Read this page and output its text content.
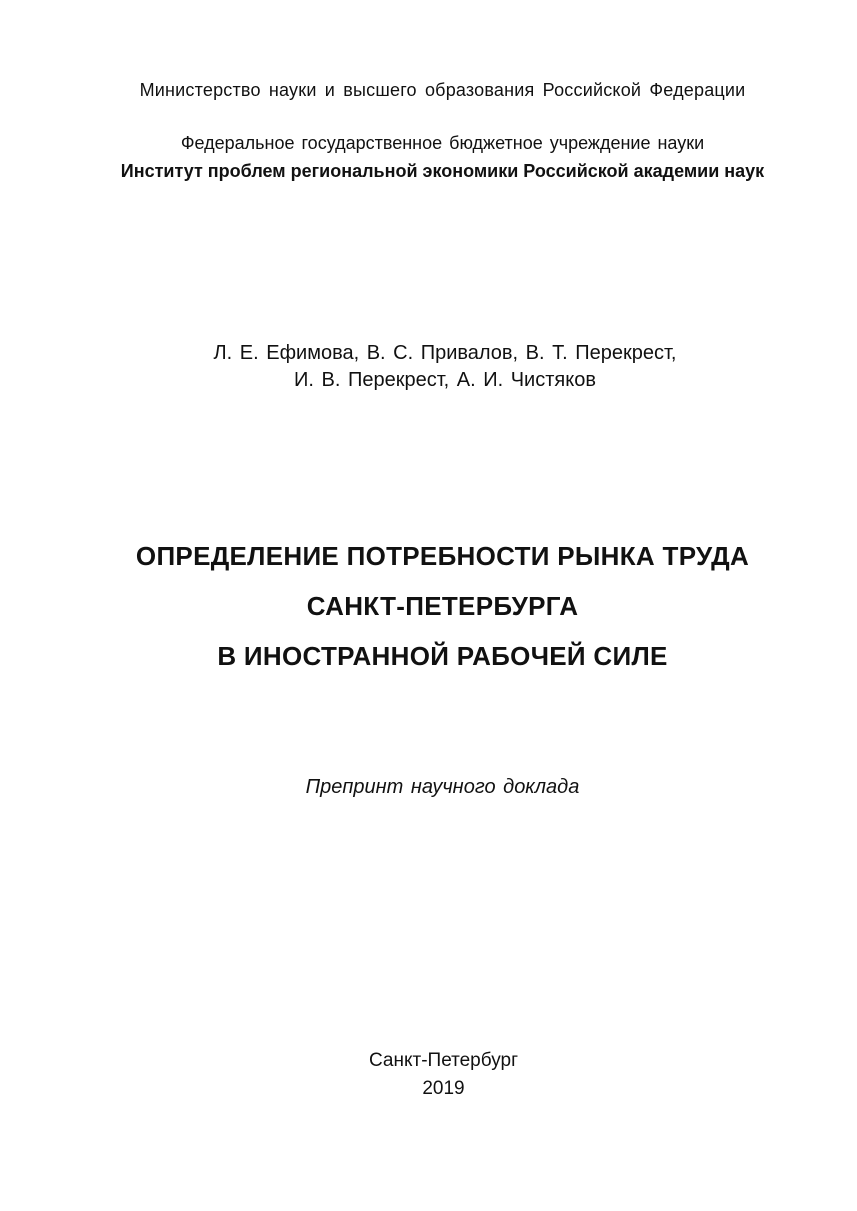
Министерство науки и высшего образования Российской Федерации
Федеральное государственное бюджетное учреждение науки
Институт проблем региональной экономики Российской академии наук
Л. Е. Ефимова, В. С. Привалов, В. Т. Перекрест,
И. В. Перекрест, А. И. Чистяков
ОПРЕДЕЛЕНИЕ ПОТРЕБНОСТИ РЫНКА ТРУДА
САНКТ-ПЕТЕРБУРГА
В ИНОСТРАННОЙ РАБОЧЕЙ СИЛЕ
Препринт научного доклада
Санкт-Петербург
2019
